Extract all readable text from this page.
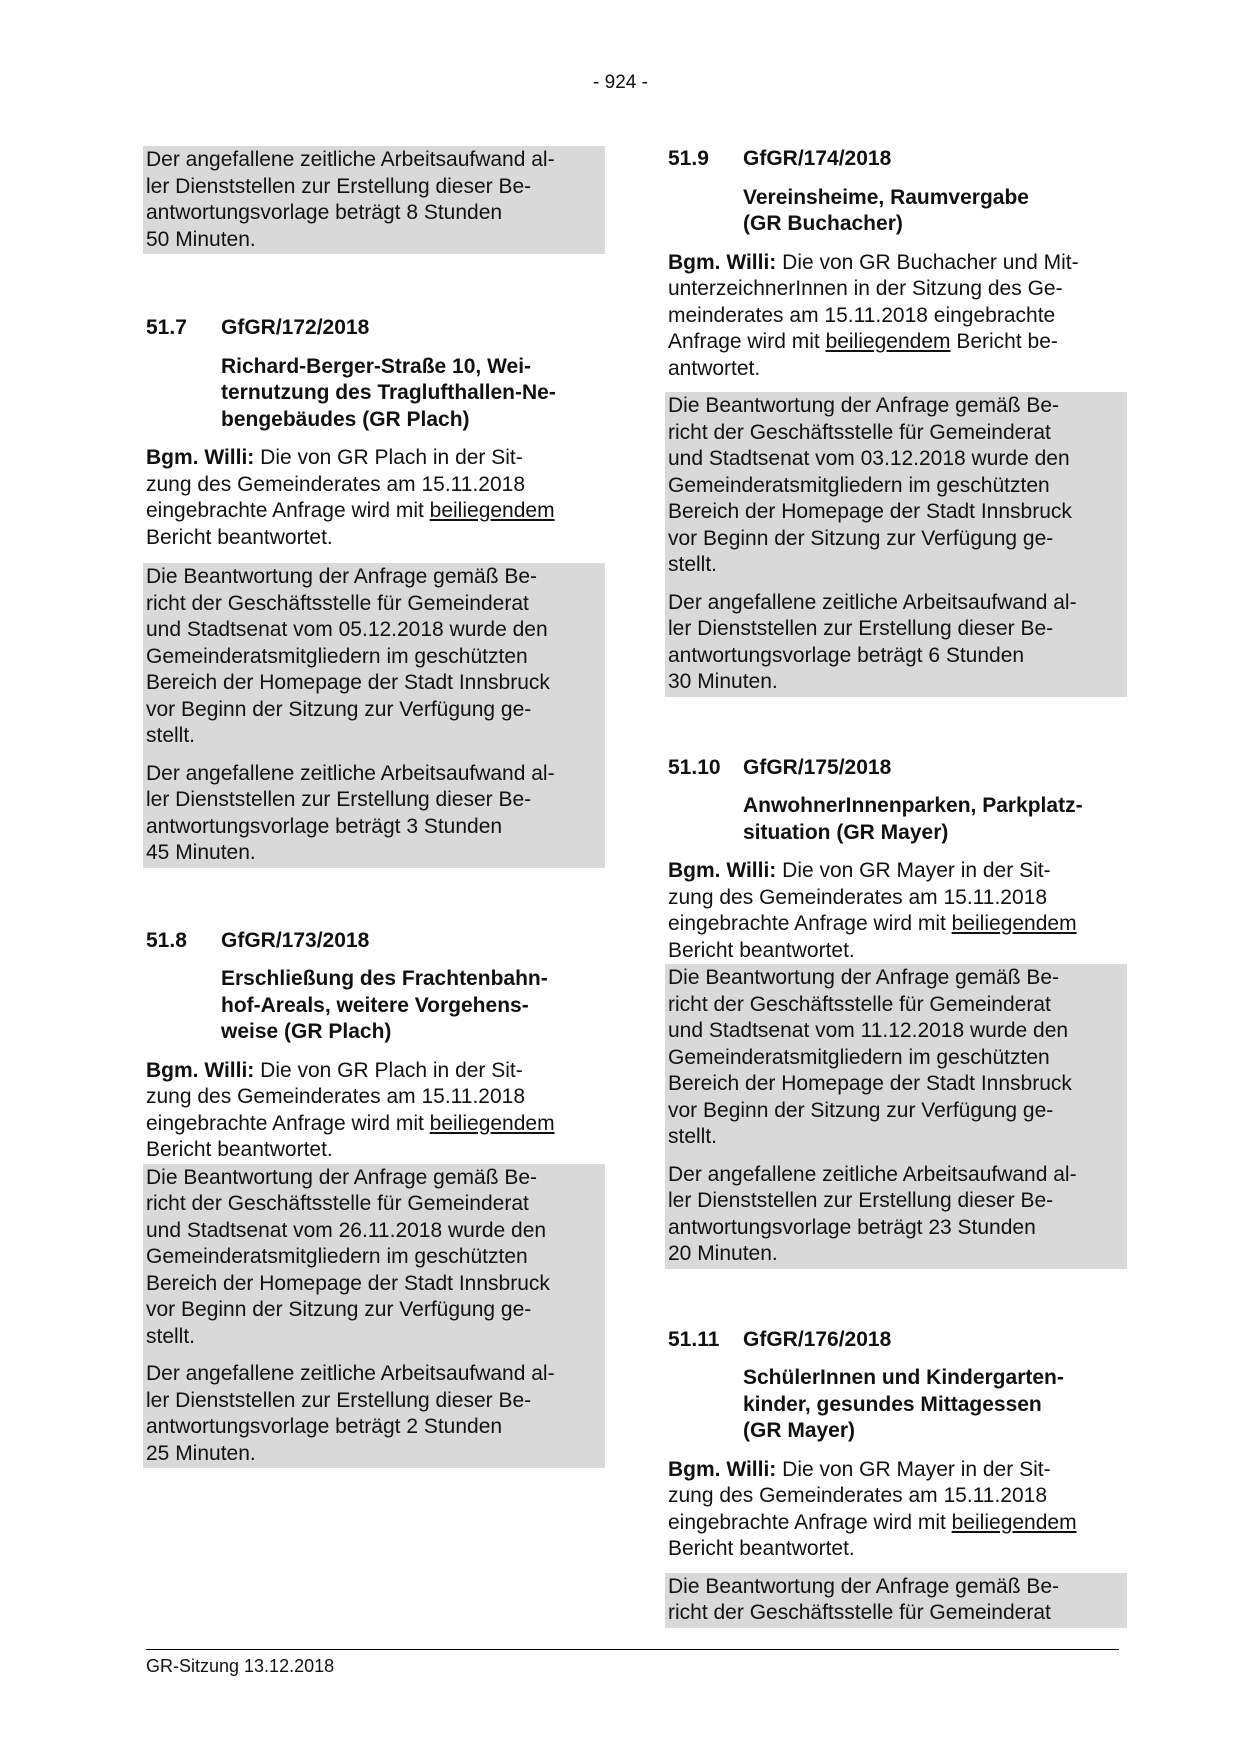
- 924 -

Der angefallene zeitliche Arbeitsaufwand al-
ler Dienststellen zur Erstellung dieser Be-
antwortungsvorlage beträgt 8 Stunden
50 Minuten.

51.7	GfGR/172/2018
Richard-Berger-Straße 10, Wei-
ternutzung des Traglufthallen-Ne-
bengebäudes (GR Plach)

Bgm. Willi: Die von GR Plach in der Sit-
zung des Gemeinderates am 15.11.2018
eingebrachte Anfrage wird mit beiliegendem
Bericht beantwortet.

Die Beantwortung der Anfrage gemäß Be-
richt der Geschäftsstelle für Gemeinderat
und Stadtsenat vom 05.12.2018 wurde den
Gemeinderatsmitgliedern im geschützten
Bereich der Homepage der Stadt Innsbruck
vor Beginn der Sitzung zur Verfügung ge-
stellt.

Der angefallene zeitliche Arbeitsaufwand al-
ler Dienststellen zur Erstellung dieser Be-
antwortungsvorlage beträgt 3 Stunden
45 Minuten.

51.8	GfGR/173/2018
Erschließung des Frachtenbahn-
hof-Areals, weitere Vorgehens-
weise (GR Plach)

Bgm. Willi: Die von GR Plach in der Sit-
zung des Gemeinderates am 15.11.2018
eingebrachte Anfrage wird mit beiliegendem
Bericht beantwortet.

Die Beantwortung der Anfrage gemäß Be-
richt der Geschäftsstelle für Gemeinderat
und Stadtsenat vom 26.11.2018 wurde den
Gemeinderatsmitgliedern im geschützten
Bereich der Homepage der Stadt Innsbruck
vor Beginn der Sitzung zur Verfügung ge-
stellt.

Der angefallene zeitliche Arbeitsaufwand al-
ler Dienststellen zur Erstellung dieser Be-
antwortungsvorlage beträgt 2 Stunden
25 Minuten.

51.9	GfGR/174/2018
Vereinsheime, Raumvergabe
(GR Buchacher)

Bgm. Willi: Die von GR Buchacher und Mit-
unterzeichnerInnen in der Sitzung des Ge-
meinderates am 15.11.2018 eingebrachte
Anfrage wird mit beiliegendem Bericht be-
antwortet.

Die Beantwortung der Anfrage gemäß Be-
richt der Geschäftsstelle für Gemeinderat
und Stadtsenat vom 03.12.2018 wurde den
Gemeinderatsmitgliedern im geschützten
Bereich der Homepage der Stadt Innsbruck
vor Beginn der Sitzung zur Verfügung ge-
stellt.

Der angefallene zeitliche Arbeitsaufwand al-
ler Dienststellen zur Erstellung dieser Be-
antwortungsvorlage beträgt 6 Stunden
30 Minuten.

51.10	GfGR/175/2018
AnwohnerInnenparken, Parkplatz-
situation (GR Mayer)

Bgm. Willi: Die von GR Mayer in der Sit-
zung des Gemeinderates am 15.11.2018
eingebrachte Anfrage wird mit beiliegendem
Bericht beantwortet.

Die Beantwortung der Anfrage gemäß Be-
richt der Geschäftsstelle für Gemeinderat
und Stadtsenat vom 11.12.2018 wurde den
Gemeinderatsmitgliedern im geschützten
Bereich der Homepage der Stadt Innsbruck
vor Beginn der Sitzung zur Verfügung ge-
stellt.

Der angefallene zeitliche Arbeitsaufwand al-
ler Dienststellen zur Erstellung dieser Be-
antwortungsvorlage beträgt 23 Stunden
20 Minuten.

51.11	GfGR/176/2018
SchülerInnen und Kindergarten-
kinder, gesundes Mittagessen
(GR Mayer)

Bgm. Willi: Die von GR Mayer in der Sit-
zung des Gemeinderates am 15.11.2018
eingebrachte Anfrage wird mit beiliegendem
Bericht beantwortet.

Die Beantwortung der Anfrage gemäß Be-
richt der Geschäftsstelle für Gemeinderat

GR-Sitzung 13.12.2018
